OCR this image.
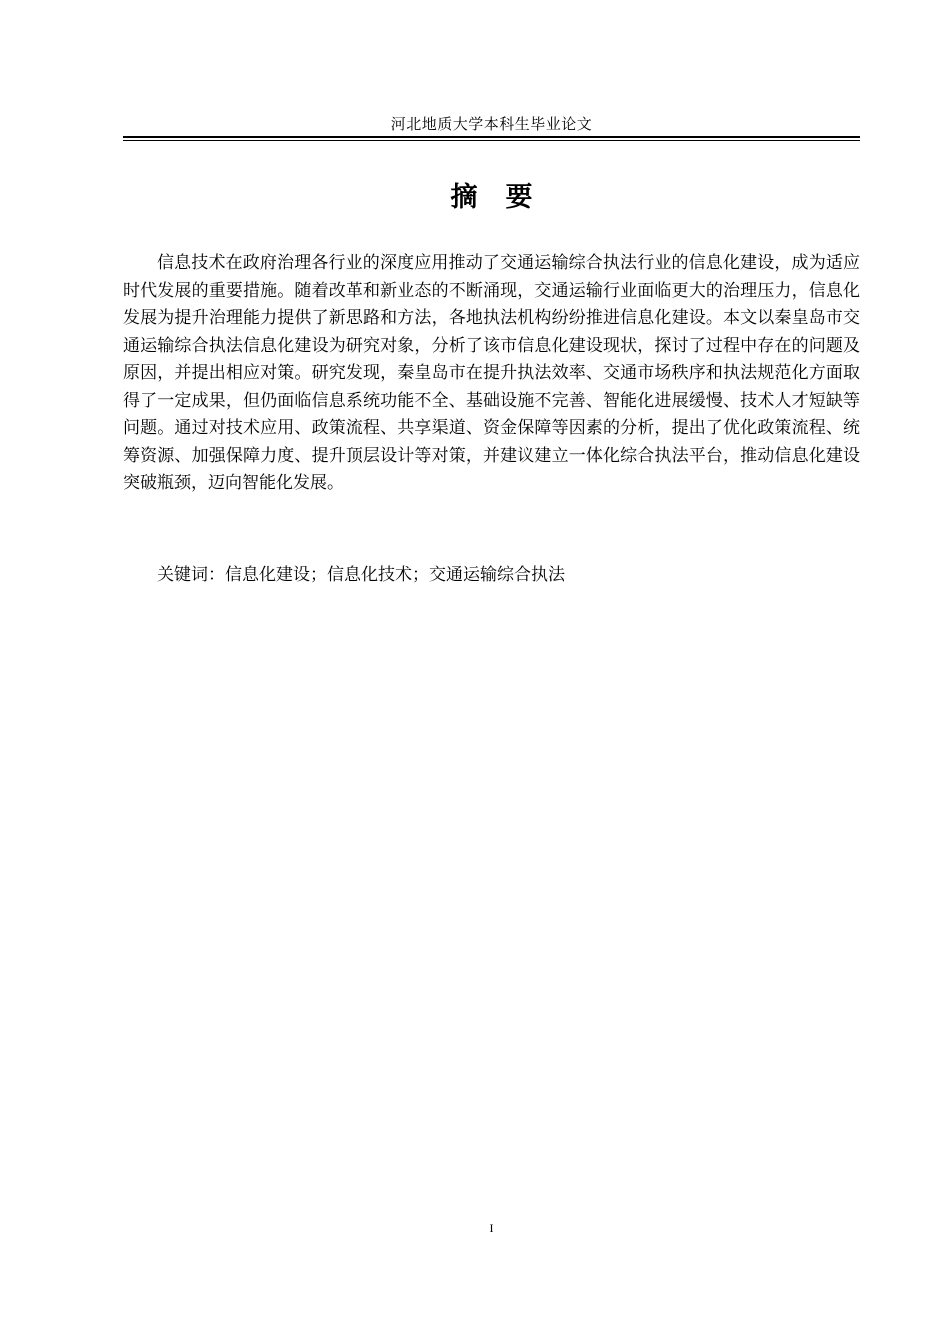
河北地质大学本科生毕业论文
摘要

信息技术在政府治理各行业的深度应用推动了交通运输综合执法行业的信息化建设，成为适应时代发展的重要措施。随着改革和新业态的不断涌现，交通运输行业面临更大的治理压力，信息化发展为提升治理能力提供了新思路和方法，各地执法机构纷纷推进信息化建设。本文以秦皇岛市交通运输综合执法信息化建设为研究对象，分析了该市信息化建设现状，探讨了过程中存在的问题及原因，并提出相应对策。研究发现，秦皇岛市在提升执法效率、交通市场秩序和执法规范化方面取得了一定成果，但仍面临信息系统功能不全、基础设施不完善、智能化进展缓慢、技术人才短缺等问题。通过对技术应用、政策流程、共享渠道、资金保障等因素的分析，提出了优化政策流程、统筹资源、加强保障力度、提升顶层设计等对策，并建议建立一体化综合执法平台，推动信息化建设突破瓶颈，迈向智能化发展。

关键词：信息化建设；信息化技术；交通运输综合执法

I
